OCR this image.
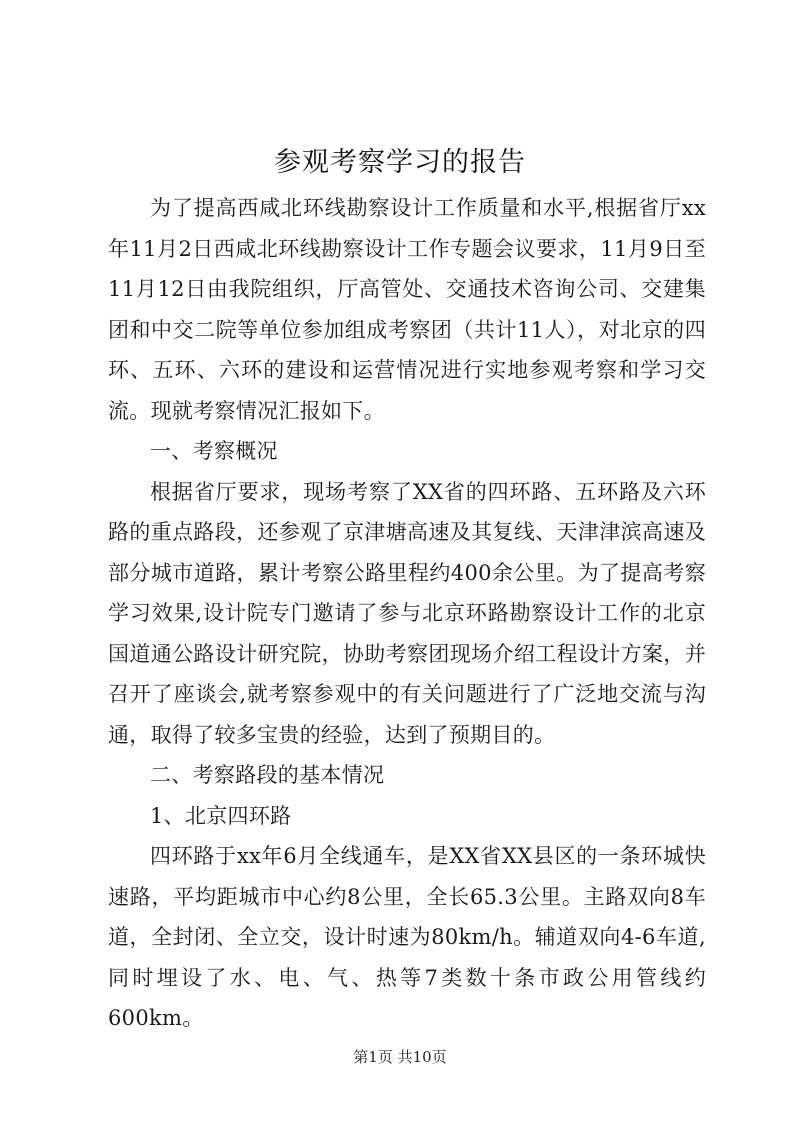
参观考察学习的报告

为了提高西咸北环线勘察设计工作质量和水平,根据省厅xx年11月2日西咸北环线勘察设计工作专题会议要求，11月9日至11月12日由我院组织，厅高管处、交通技术咨询公司、交建集团和中交二院等单位参加组成考察团（共计11人），对北京的四环、五环、六环的建设和运营情况进行实地参观考察和学习交流。现就考察情况汇报如下。

一、考察概况

根据省厅要求，现场考察了XX省的四环路、五环路及六环路的重点路段，还参观了京津塘高速及其复线、天津津滨高速及部分城市道路，累计考察公路里程约400余公里。为了提高考察学习效果,设计院专门邀请了参与北京环路勘察设计工作的北京国道通公路设计研究院，协助考察团现场介绍工程设计方案，并召开了座谈会,就考察参观中的有关问题进行了广泛地交流与沟通，取得了较多宝贵的经验，达到了预期目的。

二、考察路段的基本情况

1、北京四环路

四环路于xx年6月全线通车，是XX省XX县区的一条环城快速路，平均距城市中心约8公里，全长65.3公里。主路双向8车道，全封闭、全立交，设计时速为80km/h。辅道双向4-6车道,同时埋设了水、电、气、热等7类数十条市政公用管线约600km。

第1页 共10页
